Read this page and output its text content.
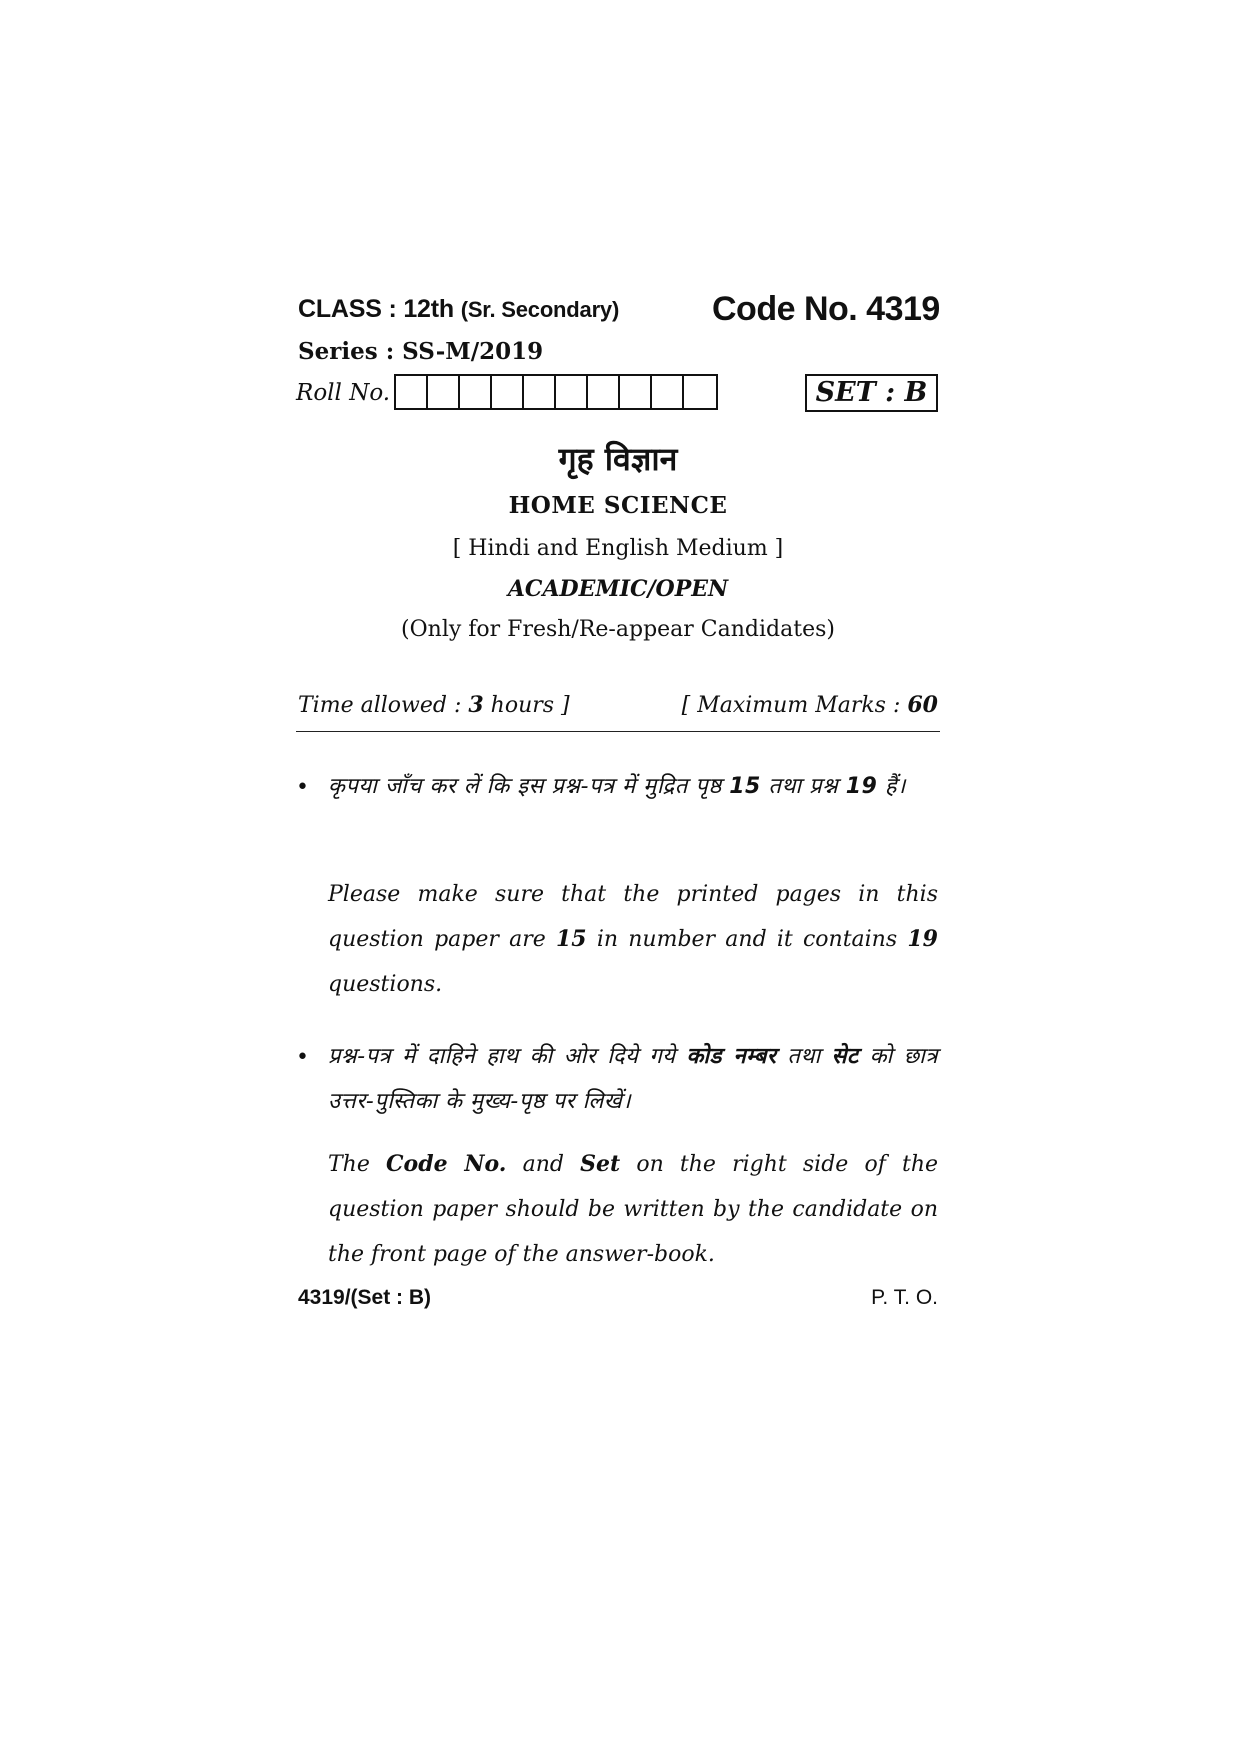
CLASS : 12th (Sr. Secondary)	Code No. 4319
Series : SS-M/2019
Roll No.	SET : B
गृह विज्ञान
HOME SCIENCE
[ Hindi and English Medium ]
ACADEMIC/OPEN
(Only for Fresh/Re-appear Candidates)
Time allowed : 3 hours ]	[ Maximum Marks : 60
• कृपया जाँच कर लें कि इस प्रश्न-पत्र में मुद्रित पृष्ठ 15 तथा प्रश्न 19 हैं।
Please make sure that the printed pages in this question paper are 15 in number and it contains 19 questions.
• प्रश्न-पत्र में दाहिने हाथ की ओर दिये गये कोड नम्बर तथा सेट को छात्र उत्तर-पुस्तिका के मुख्य-पृष्ठ पर लिखें।
The Code No. and Set on the right side of the question paper should be written by the candidate on the front page of the answer-book.
4319/(Set : B)	P. T. O.
